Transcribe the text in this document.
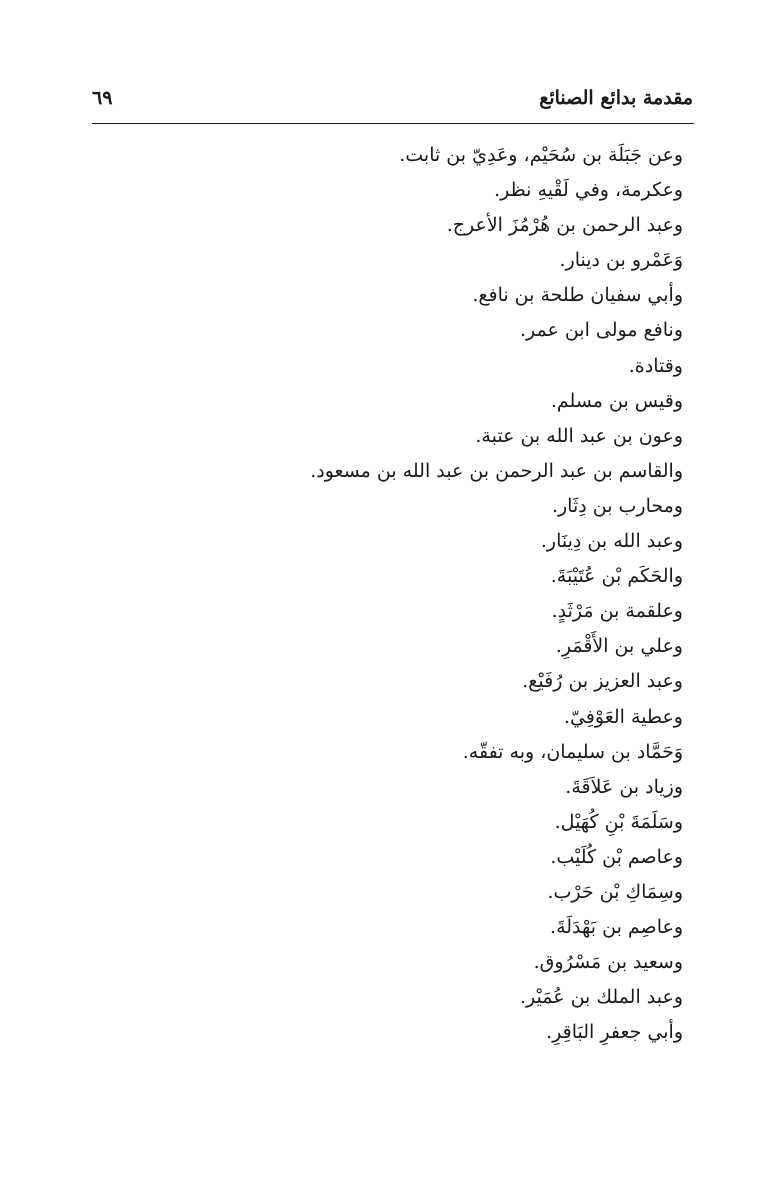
مقدمة بدائع الصنائع
٦٩
وعن جَبَلَة بن سُحَيْم، وعَدِيّ بن ثابت.
وعكرمة، وفي لَقْيهِ نظر.
وعبد الرحمن بن هُرْمُزَ الأعرج.
وَعَمْرو بن دينار.
وأبي سفيان طلحة بن نافع.
ونافع مولى ابن عمر.
وقتادة.
وقيس بن مسلم.
وعون بن عبد الله بن عتبة.
والقاسم بن عبد الرحمن بن عبد الله بن مسعود.
ومحارب بن دِثَار.
وعبد الله بن دِينَار.
والحَكَم بْن عُتَيْبَةَ.
وعلقمة بن مَرْثَدٍ.
وعلي بن الأَقْمَرِ.
وعبد العزيز بن رُفَيْع.
وعطية العَوْفِيّ.
وَحَمَّاد بن سليمان، وبه تفقّه.
وزياد بن عَلاَقَةَ.
وسَلَمَةَ بْنِ كُهَيْل.
وعاصم بْن كُلَيْب.
وسِمَاكِ بْن حَرْب.
وعاصِم بن بَهْدَلَةَ.
وسعيد بن مَسْرُوق.
وعبد الملك بن عُمَيْر.
وأبي جعفرِ البَاقِرِ.
